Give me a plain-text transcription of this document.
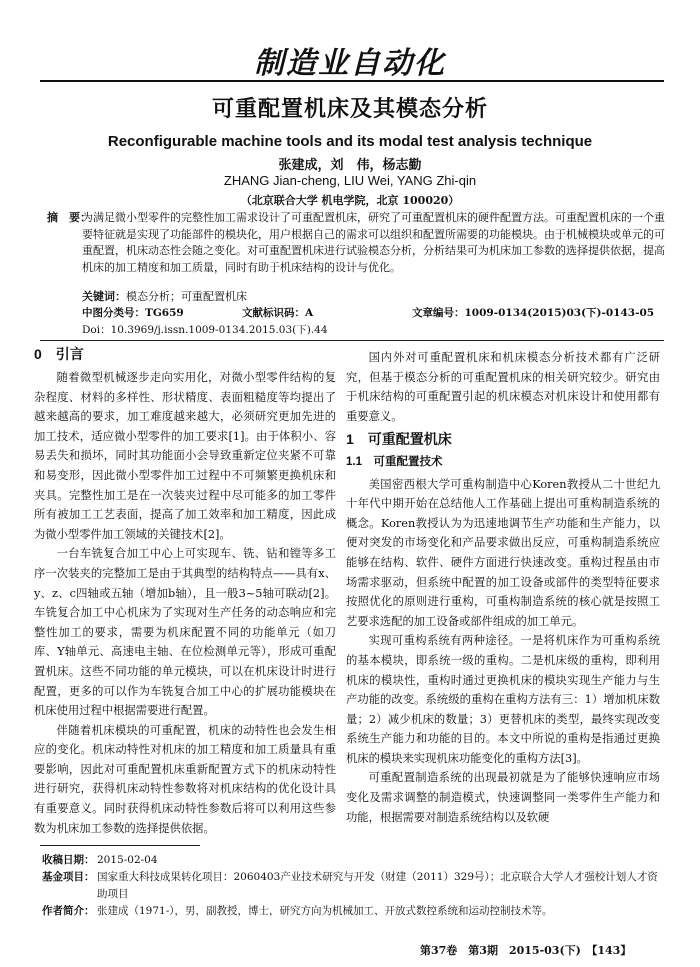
制造业自动化
可重配置机床及其模态分析
Reconfigurable machine tools and its modal test analysis technique
张建成，刘　伟，杨志勤
ZHANG Jian-cheng, LIU Wei, YANG Zhi-qin
（北京联合大学 机电学院，北京 100020）
摘　要：
为满足微小型零件的完整性加工需求设计了可重配置机床，研究了可重配置机床的硬件配置方法。可重配置机床的一个重要特征就是实现了功能部件的模块化，用户根据自己的需求可以组织和配置所需要的功能模块。由于机械模块或单元的可重配置，机床动态性会随之变化。对可重配置机床进行试验模态分析，分析结果可为机床加工参数的选择提供依据，提高机床的加工精度和加工质量，同时有助于机床结构的设计与优化。
关键词：模态分析；可重配置机床
中图分类号：TG659	文献标识码：A	文章编号：1009-0134(2015)03(下)-0143-05
Doi：10.3969/j.issn.1009-0134.2015.03(下).44
0　引言

随着微型机械逐步走向实用化，对微小型零件结构的复杂程度、材料的多样性、形状精度、表面粗糙度等均提出了越来越高的要求，加工难度越来越大，必须研究更加先进的加工技术，适应微小型零件的加工要求[1]。由于体积小、容易丢失和损坏，同时其功能面小会导致重新定位夹紧不可靠和易变形，因此微小型零件加工过程中不可频繁更换机床和夹具。完整性加工是在一次装夹过程中尽可能多的加工零件所有被加工工艺表面，提高了加工效率和加工精度，因此成为微小型零件加工领域的关键技术[2]。

一台车铣复合加工中心上可实现车、铣、钻和镗等多工序一次装夹的完整加工是由于其典型的结构特点——具有x、y、z、c四轴或五轴（增加b轴），且一般3~5轴可联动[2]。车铣复合加工中心机床为了实现对生产任务的动态响应和完整性加工的要求，需要为机床配置不同的功能单元（如刀库、Y轴单元、高速电主轴、在位检测单元等），形成可重配置机床。这些不同功能的单元模块，可以在机床设计时进行配置，更多的可以作为车铣复合加工中心的扩展功能模块在机床使用过程中根据需要进行配置。

伴随着机床模块的可重配置，机床的动特性也会发生相应的变化。机床动特性对机床的加工精度和加工质量具有重要影响，因此对可重配置机床重新配置方式下的机床动特性进行研究，获得机床动特性参数将对机床结构的优化设计具有重要意义。同时获得机床动特性参数后将可以利用这些参数为机床加工参数的选择提供依据。

国内外对可重配置机床和机床模态分析技术都有广泛研究，但基于模态分析的可重配置机床的相关研究较少。研究由于机床结构的可重配置引起的机床模态对机床设计和使用都有重要意义。

1　可重配置机床
1.1　可重配置技术

美国密西根大学可重构制造中心Koren教授从二十世纪九十年代中期开始在总结他人工作基础上提出可重构制造系统的概念。Koren教授认为为迅速地调节生产功能和生产能力，以便对突发的市场变化和产品要求做出反应，可重构制造系统应能够在结构、软件、硬件方面进行快速改变。重构过程虽由市场需求驱动，但系统中配置的加工设备或部件的类型特征要求按照优化的原则进行重构，可重构制造系统的核心就是按照工艺要求选配的加工设备或部件组成的加工单元。

实现可重构系统有两种途径。一是将机床作为可重构系统的基本模块，即系统一级的重构。二是机床级的重构，即利用机床的模块性，重构时通过更换机床的模块实现生产能力与生产功能的改变。系统级的重构在重构方法有三：1）增加机床数量；2）减少机床的数量；3）更替机床的类型，最终实现改变系统生产能力和功能的目的。本文中所说的重构是指通过更换机床的模块来实现机床功能变化的重构方法[3]。

可重配置制造系统的出现最初就是为了能够快速响应市场变化及需求调整的制造模式，快速调整同一类零件生产能力和功能，根据需要对制造系统结构以及软硬

收稿日期： 2015-02-04
基金项目： 国家重大科技成果转化项目：2060403产业技术研究与开发（财建（2011）329号）；北京联合大学人才强校计划人才资助项目
作者简介： 张建成（1971-），男，副教授，博士，研究方向为机械加工、开放式数控系统和运动控制技术等。
第37卷　第3期　2015-03(下)　【143】
